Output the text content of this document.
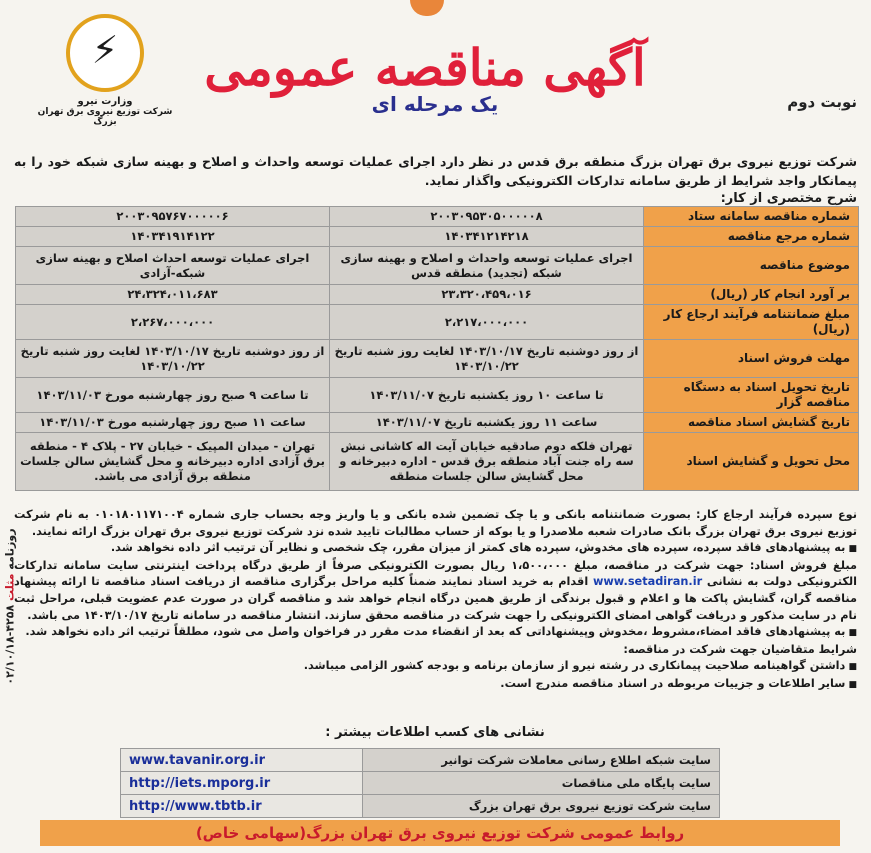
⚡
وزارت نیرو
شرکت توزیع نیروی برق تهران بزرگ
آگهی مناقصه عمومی
یک مرحله ای	نوبت دوم
شرکت توزیع نیروی برق تهران بزرگ منطقه برق قدس در نظر دارد اجرای عملیات توسعه واحداث و اصلاح و بهینه سازی شبکه خود را به پیمانکار واجد شرایط از طریق سامانه تدارکات الکترونیکی واگذار نماید.
شرح مختصری از کار:
شماره مناقصه سامانه ستاد	۲۰۰۳۰۹۵۳۰۵۰۰۰۰۰۸	۲۰۰۳۰۹۵۷۶۷۰۰۰۰۰۶
شماره مرجع مناقصه	۱۴۰۳۴۱۲۱۴۲۱۸	۱۴۰۳۴۱۹۱۴۱۲۲
موضوع مناقصه	اجرای عملیات توسعه واحداث و اصلاح و بهینه سازی شبکه (تجدید) منطقه قدس	اجرای عملیات توسعه احداث اصلاح و بهینه سازی شبکه-آزادی
بر آورد انجام کار (ریال)	۲۳،۳۲۰،۴۵۹،۰۱۶	۲۴،۳۲۴،۰۱۱،۶۸۳
مبلغ ضمانتنامه فرآیند ارجاع کار (ریال)	۲،۲۱۷،۰۰۰،۰۰۰	۲،۲۶۷،۰۰۰،۰۰۰
مهلت فروش اسناد	از روز دوشنبه تاریخ ۱۴۰۳/۱۰/۱۷ لغایت روز شنبه تاریخ ۱۴۰۳/۱۰/۲۲	از روز دوشنبه تاریخ ۱۴۰۳/۱۰/۱۷ لغایت روز شنبه تاریخ ۱۴۰۳/۱۰/۲۲
تاریخ تحویل اسناد به دستگاه مناقصه گزار	تا ساعت ۱۰ روز یکشنبه تاریخ ۱۴۰۳/۱۱/۰۷	تا ساعت ۹ صبح روز چهارشنبه مورخ ۱۴۰۳/۱۱/۰۳
تاریخ گشایش اسناد مناقصه	ساعت ۱۱ روز یکشنبه تاریخ ۱۴۰۳/۱۱/۰۷	ساعت ۱۱ صبح روز چهارشنبه مورخ ۱۴۰۳/۱۱/۰۳
محل تحویل و گشایش اسناد	تهران فلکه دوم صادقیه خیابان آیت اله کاشانی نبش سه راه جنت آباد منطقه برق قدس - اداره دبیرخانه و محل گشایش سالن جلسات منطقه	تهران - میدان المپیک - خیابان ۲۷ - پلاک ۴ - منطقه برق آزادی اداره دبیرخانه و محل گشایش سالن جلسات منطقه برق آزادی می باشد.

نوع سپرده فرآیند ارجاع کار: بصورت ضمانتنامه بانکی و یا چک تضمین شده بانکی و یا واریز وجه بحساب جاری شماره ۰۱۰۱۸۰۱۱۷۱۰۰۴ به نام شرکت توزیع نیروی برق تهران بزرگ بانک صادرات شعبه ملاصدرا و یا بوکه از حساب مطالبات تایید شده نزد شرکت توزیع نیروی برق تهران بزرگ ارائه نمایند.

■ به پیشنهادهای فاقد سپرده، سپرده های مخدوش، سپرده های کمتر از میزان مقرر، چک شخصی و نظایر آن ترتیب اثر داده نخواهد شد.

مبلغ فروش اسناد: جهت شرکت در مناقصه، مبلغ ۱،۵۰۰،۰۰۰ ریال بصورت الکترونیکی صرفاً از طریق درگاه پرداخت اینترنتی سایت سامانه تدارکات الکترونیکی دولت به نشانی www.setadiran.ir اقدام به خرید اسناد نمایند ضمناً کلیه مراحل برگزاری مناقصه از دریافت اسناد مناقصه تا ارائه پیشنهاد مناقصه گران، گشایش پاکت ها و اعلام و قبول برندگی از طریق همین درگاه انجام خواهد شد و مناقصه گران در صورت عدم عضویت قبلی، مراحل ثبت نام در سایت مذکور و دریافت گواهی امضای الکترونیکی را جهت شرکت در مناقصه محقق سازند. انتشار مناقصه در سامانه تاریخ ۱۴۰۳/۱۰/۱۷ می باشد.

■ به پیشنهادهای فاقد امضاء،مشروط ،مخدوش وپیشنهاداتی که بعد از انقضاء مدت مقرر در فراخوان واصل می شود، مطلقاً ترتیب اثر داده نخواهد شد.

شرایط متقاضیان جهت شرکت در مناقصه:

■ داشتن گواهینامه صلاحیت پیمانکاری در رشته نیرو از سازمان برنامه و بودجه کشور الزامی میباشد.

■ سایر اطلاعات و جزییات مربوطه در اسناد مناقصه مندرج است.

نشانی های کسب اطلاعات بیشتر :
سایت شبکه اطلاع رسانی معاملات شرکت توانیر	www.tavanir.org.ir
سایت پایگاه ملی مناقصات	http://iets.mporg.ir
سایت شرکت توزیع نیروی برق تهران بزرگ	http://www.tbtb.ir
روابط عمومی شرکت توزیع نیروی برق تهران بزرگ(سهامی خاص)
روزنامه مثلت ۴۲۵۸-۰۲/۱۰/۱۸
